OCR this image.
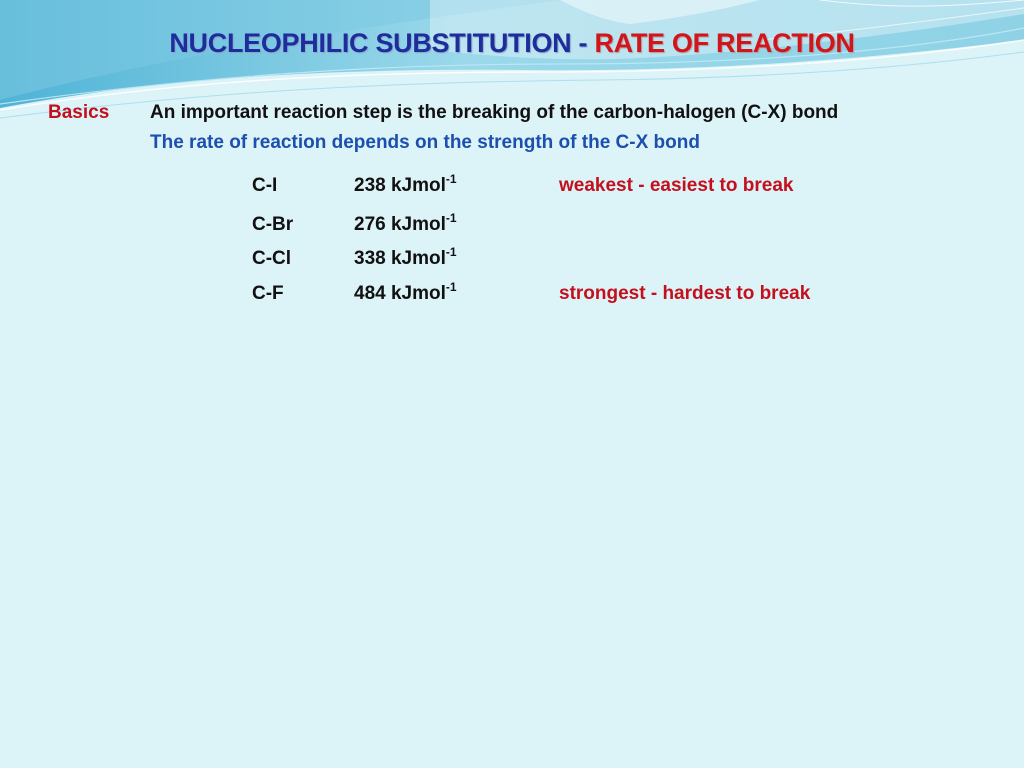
NUCLEOPHILIC SUBSTITUTION - RATE OF REACTION
Basics An important reaction step is the breaking of the carbon-halogen (C-X) bond
The rate of reaction depends on the strength of the C-X bond
C-I	238 kJmol$^{-1}$	weakest - easiest to break
C-Br	276 kJmol$^{-1}$
C-Cl	338 kJmol$^{-1}$
C-F	484 kJmol$^{-1}$	strongest - hardest to break
